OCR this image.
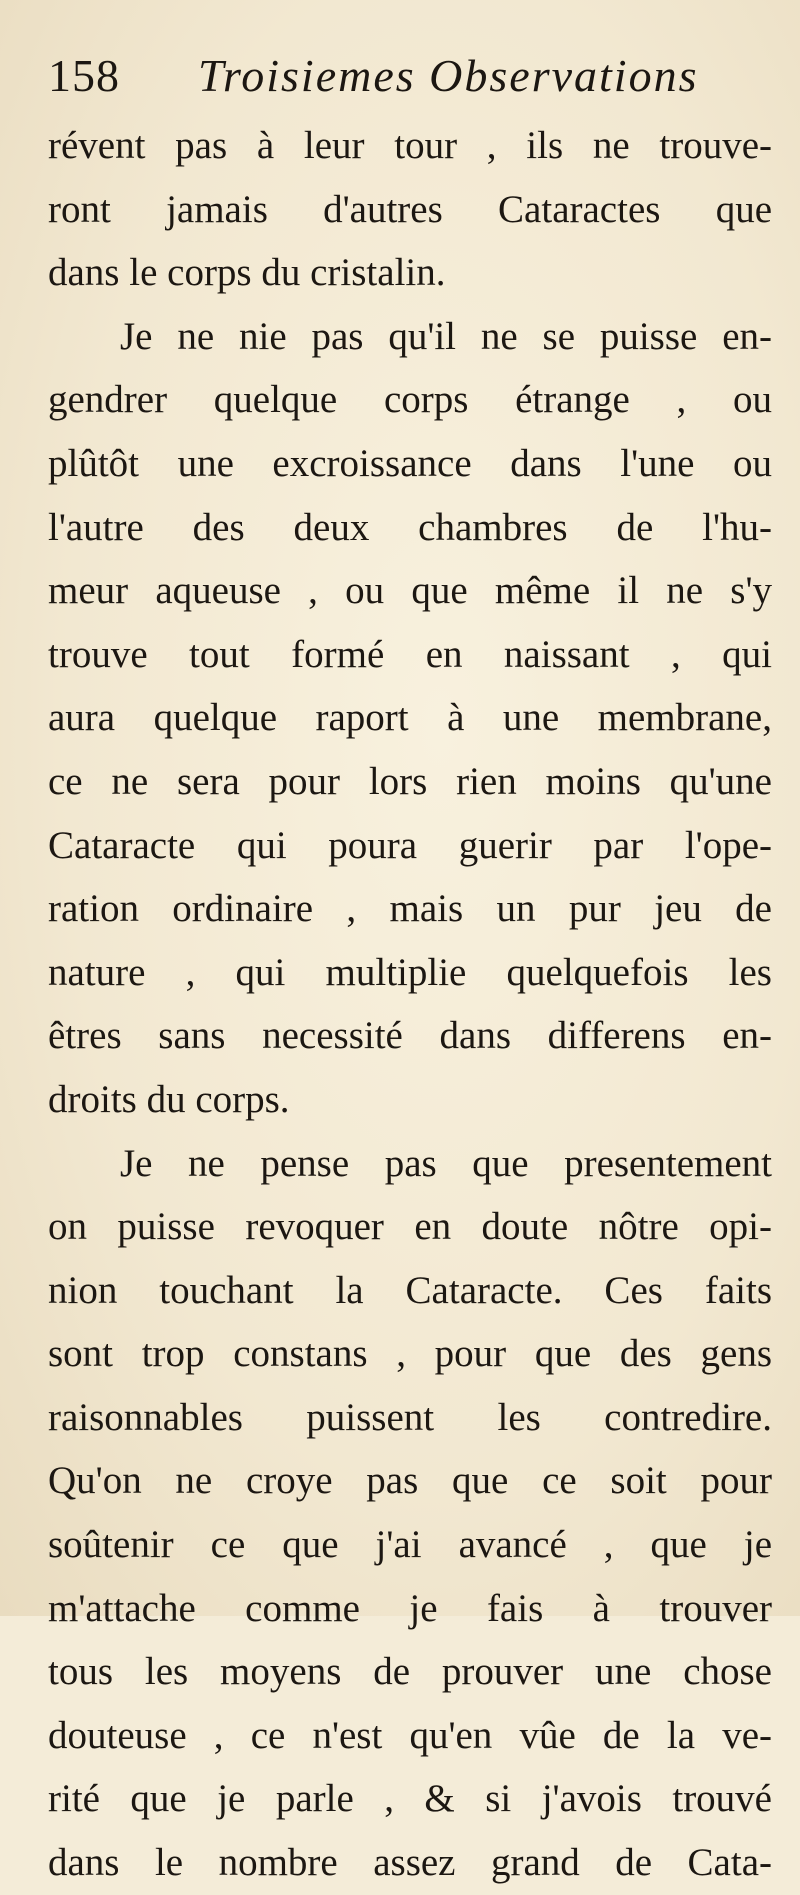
158	Troisiemes Observations
révent pas à leur tour , ils ne trouve-
ront jamais d'autres Cataractes que
dans le corps du cristalin.
Je ne nie pas qu'il ne se puisse en-
gendrer quelque corps étrange , ou
plûtôt une excroissance dans l'une ou
l'autre des deux chambres de l'hu-
meur aqueuse , ou que même il ne s'y
trouve tout formé en naissant , qui
aura quelque raport à une membrane,
ce ne sera pour lors rien moins qu'une
Cataracte qui poura guerir par l'ope-
ration ordinaire , mais un pur jeu de
nature , qui multiplie quelquefois les
êtres sans necessité dans differens en-
droits du corps.
Je ne pense pas que presentement
on puisse revoquer en doute nôtre opi-
nion touchant la Cataracte. Ces faits
sont trop constans , pour que des gens
raisonnables puissent les contredire.
Qu'on ne croye pas que ce soit pour
soûtenir ce que j'ai avancé , que je
m'attache comme je fais à trouver
tous les moyens de prouver une chose
douteuse , ce n'est qu'en vûe de la ve-
rité que je parle , & si j'avois trouvé
dans le nombre assez grand de Cata-
